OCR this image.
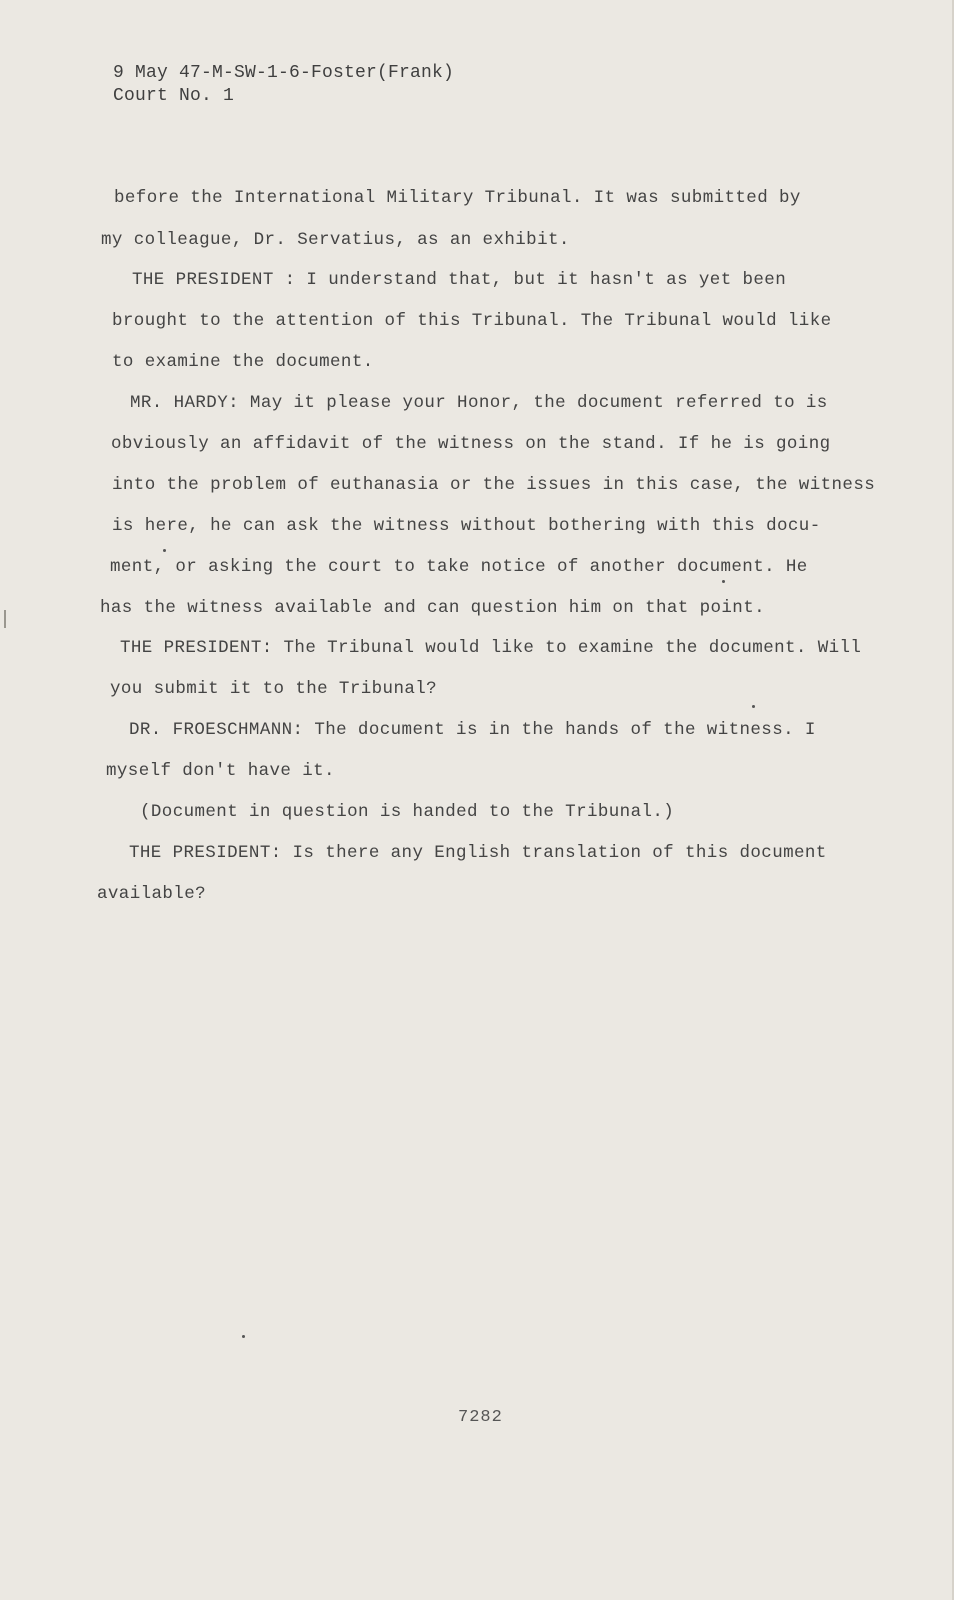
9 May 47-M-SW-1-6-Foster(Frank)
Court No. 1
before the International Military Tribunal. It was submitted by
my colleague, Dr. Servatius, as an exhibit.
THE PRESIDENT : I understand that, but it hasn't as yet been
brought to the attention of this Tribunal. The Tribunal would like
to examine the document.
MR. HARDY: May it please your Honor, the document referred to is
obviously an affidavit of the witness on the stand. If he is going
into the problem of euthanasia or the issues in this case, the witness
is here, he can ask the witness without bothering with this docu-
ment, or asking the court to take notice of another document. He
has the witness available and can question him on that point.
THE PRESIDENT: The Tribunal would like to examine the document. Will
you submit it to the Tribunal?
DR. FROESCHMANN: The document is in the hands of the witness. I
myself don't have it.
(Document in question is handed to the Tribunal.)
THE PRESIDENT: Is there any English translation of this document
available?
7282
